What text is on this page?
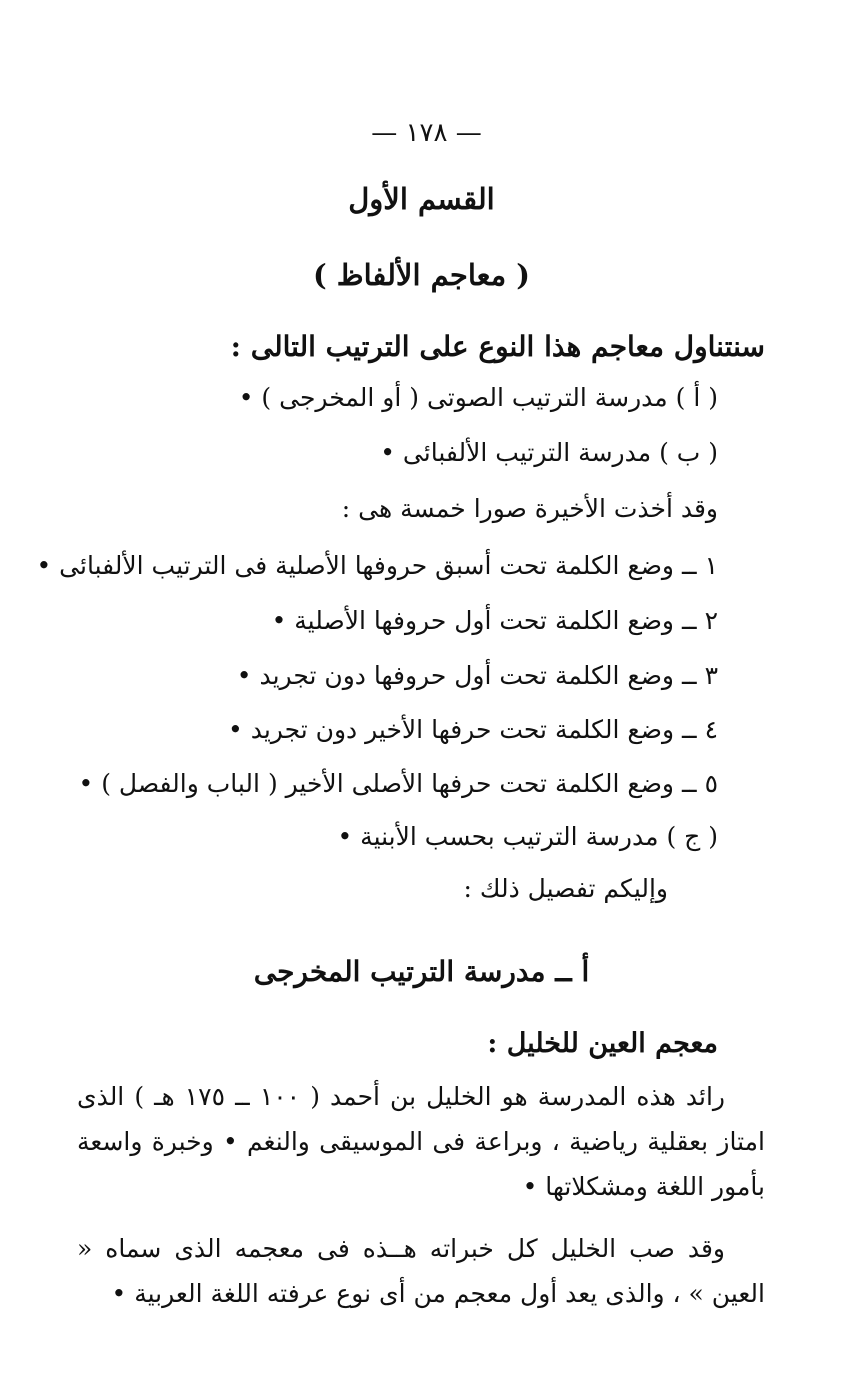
— ١٧٨ —
القسم الأول
( معاجم الألفاظ )
سنتناول معاجم هذا النوع على الترتيب التالى :
( أ ) مدرسة الترتيب الصوتى ( أو المخرجى ) •
( ب ) مدرسة الترتيب الألفبائى •
وقد أخذت الأخيرة صورا خمسة هى :
١ ــ وضع الكلمة تحت أسبق حروفها الأصلية فى الترتيب الألفبائى •
٢ ــ وضع الكلمة تحت أول حروفها الأصلية •
٣ ــ وضع الكلمة تحت أول حروفها دون تجريد •
٤ ــ وضع الكلمة تحت حرفها الأخير دون تجريد •
٥ ــ وضع الكلمة تحت حرفها الأصلى الأخير ( الباب والفصل ) •
( ج ) مدرسة الترتيب بحسب الأبنية •
وإليكم تفصيل ذلك :
أ ــ مدرسة الترتيب المخرجى
معجم العين للخليل :

رائد هذه المدرسة هو الخليل بن أحمد ( ١٠٠ ــ ١٧٥ هـ ) الذى امتاز بعقلية رياضية ، وبراعة فى الموسيقى والنغم • وخبرة واسعة بأمور اللغة ومشكلاتها •

وقد صب الخليل كل خبراته هــذه فى معجمه الذى سماه « العين » ، والذى يعد أول معجم من أى نوع عرفته اللغة العربية •
